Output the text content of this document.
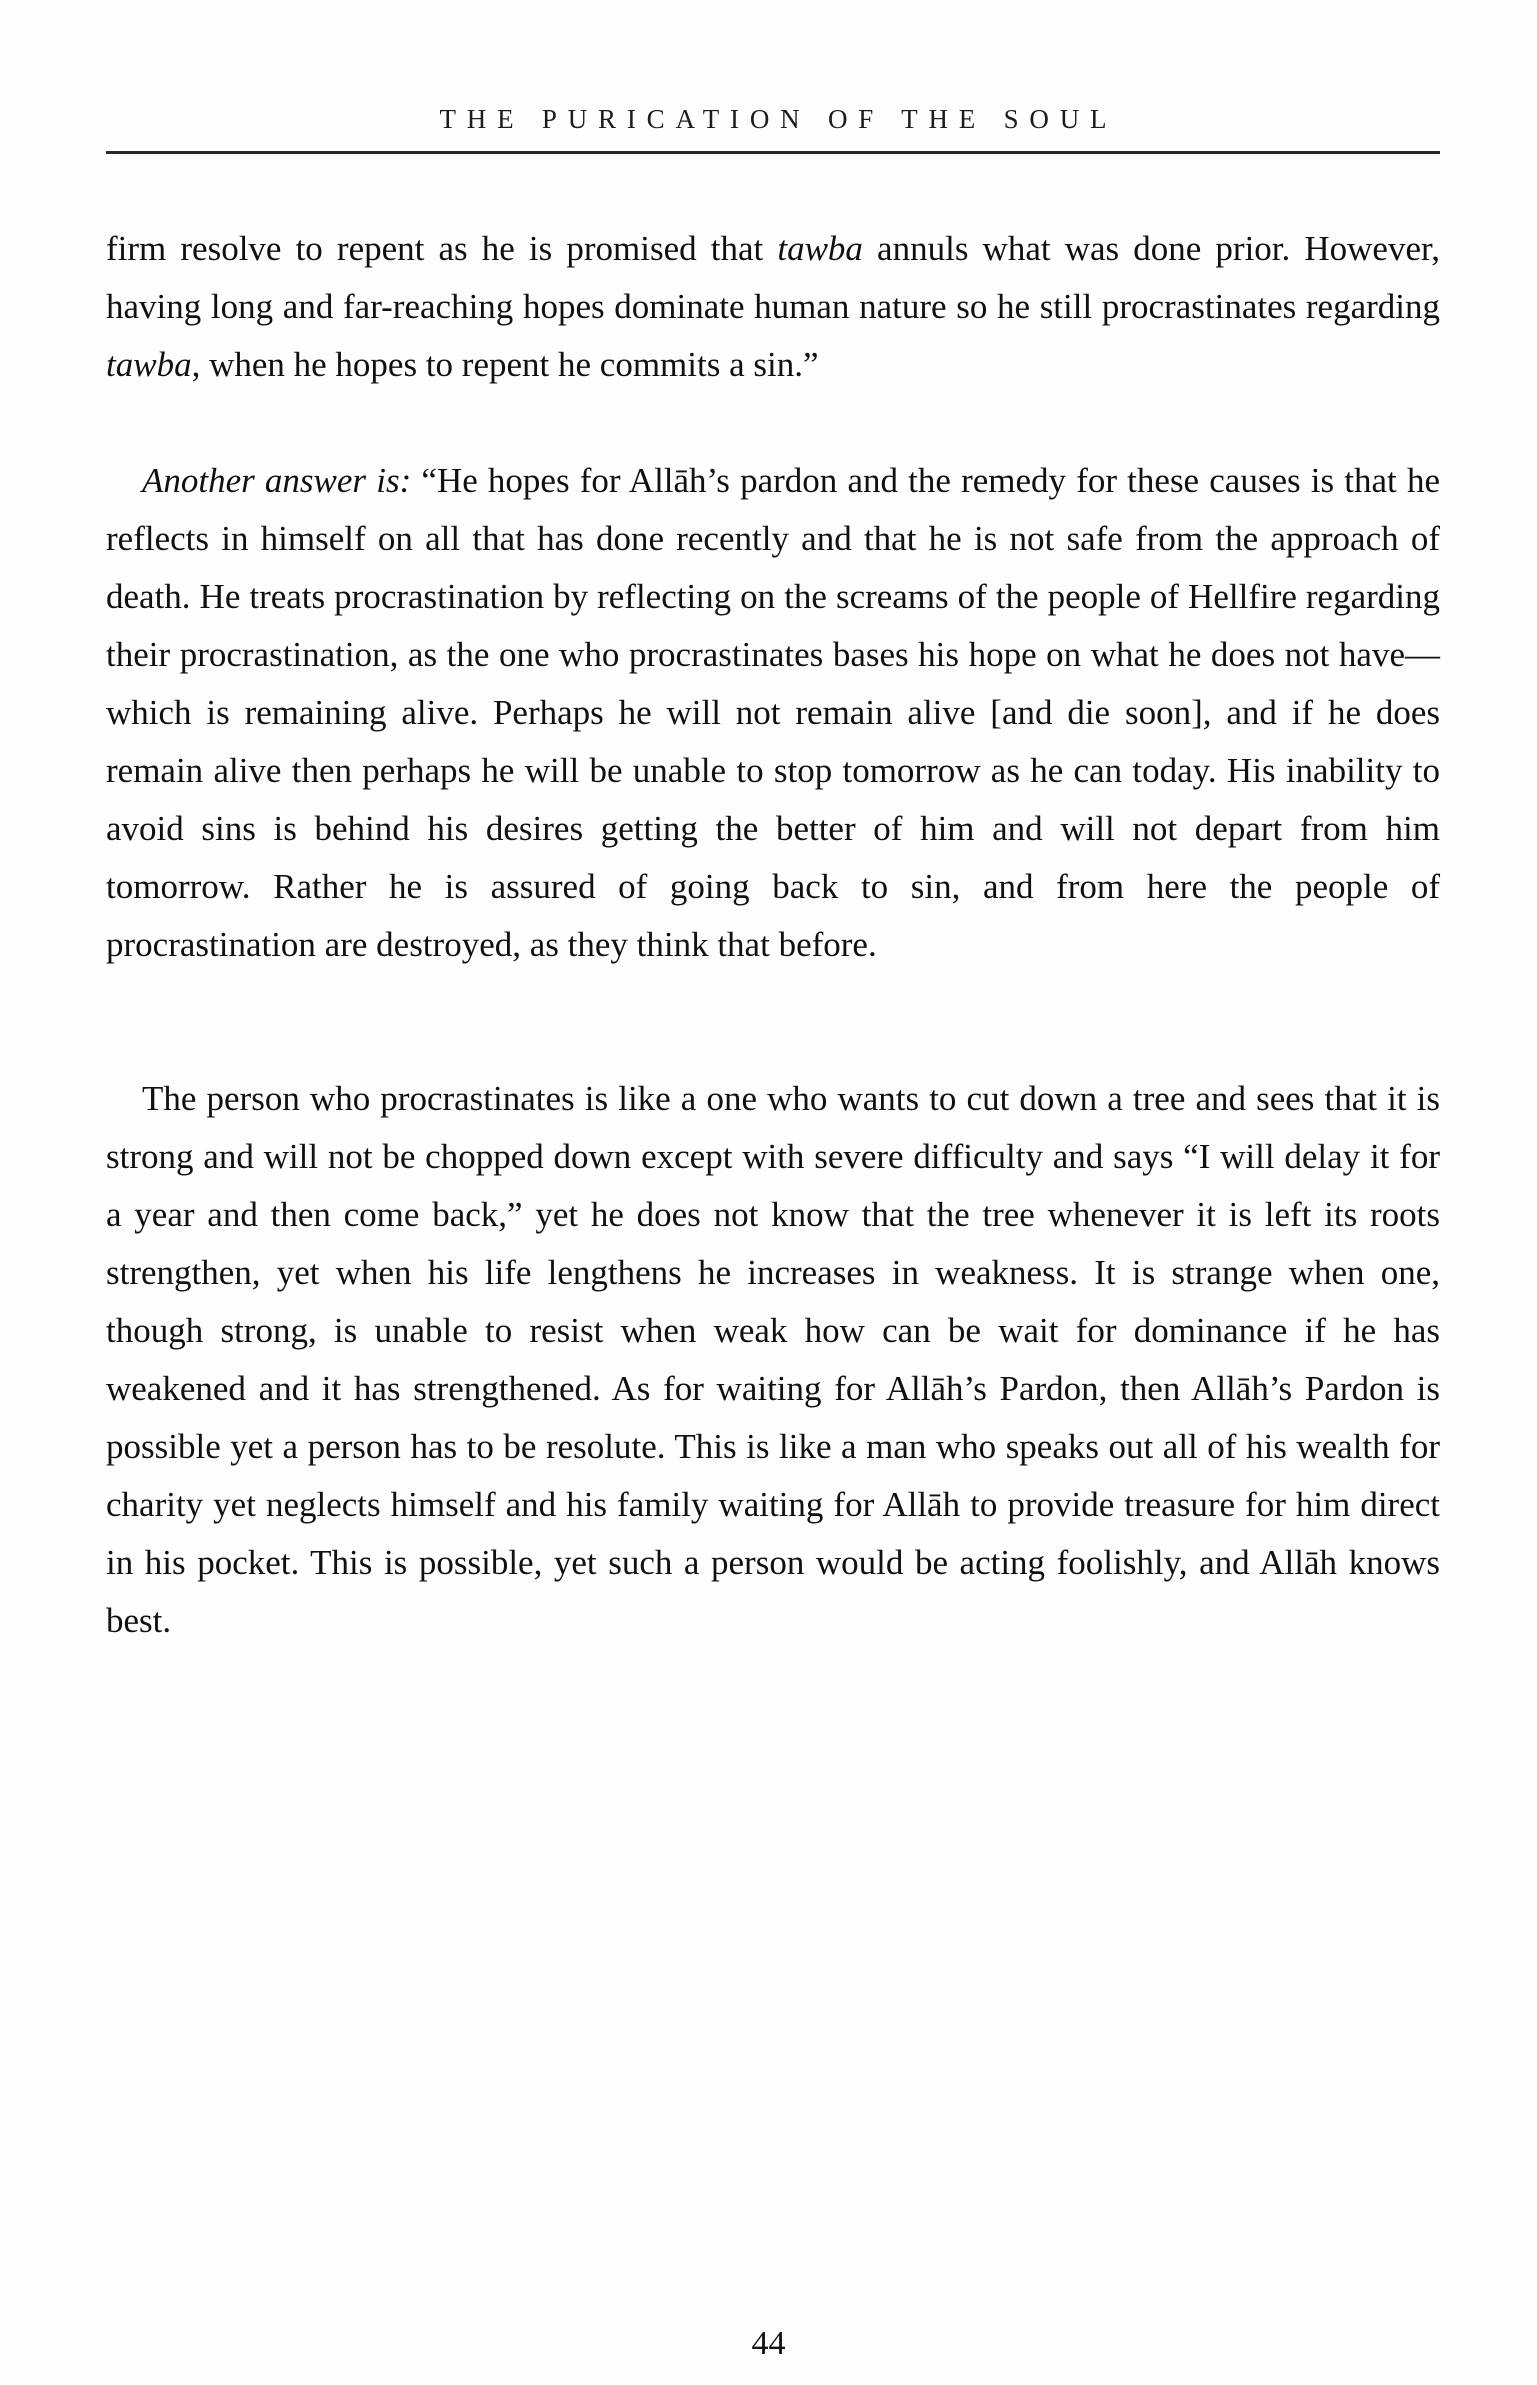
THE PURICATION OF THE SOUL

firm resolve to repent as he is promised that tawba annuls what was done prior. However, having long and far-reaching hopes dominate human nature so he still procrastinates regarding tawba, when he hopes to repent he commits a sin.”

Another answer is: “He hopes for Allāh’s pardon and the remedy for these causes is that he reflects in himself on all that has done recently and that he is not safe from the approach of death. He treats procrastination by reflecting on the screams of the people of Hellfire regarding their procrastination, as the one who procrastinates bases his hope on what he does not have—which is remaining alive. Perhaps he will not remain alive [and die soon], and if he does remain alive then perhaps he will be unable to stop tomorrow as he can today. His inability to avoid sins is behind his desires getting the better of him and will not depart from him tomorrow. Rather he is assured of going back to sin, and from here the people of procrastination are destroyed, as they think that before.

The person who procrastinates is like a one who wants to cut down a tree and sees that it is strong and will not be chopped down except with severe difficulty and says “I will delay it for a year and then come back,” yet he does not know that the tree whenever it is left its roots strengthen, yet when his life lengthens he increases in weakness. It is strange when one, though strong, is unable to resist when weak how can be wait for dominance if he has weakened and it has strengthened. As for waiting for Allāh’s Pardon, then Allāh’s Pardon is possible yet a person has to be resolute. This is like a man who speaks out all of his wealth for charity yet neglects himself and his family waiting for Allāh to provide treasure for him direct in his pocket. This is possible, yet such a person would be acting foolishly, and Allāh knows best.

44
